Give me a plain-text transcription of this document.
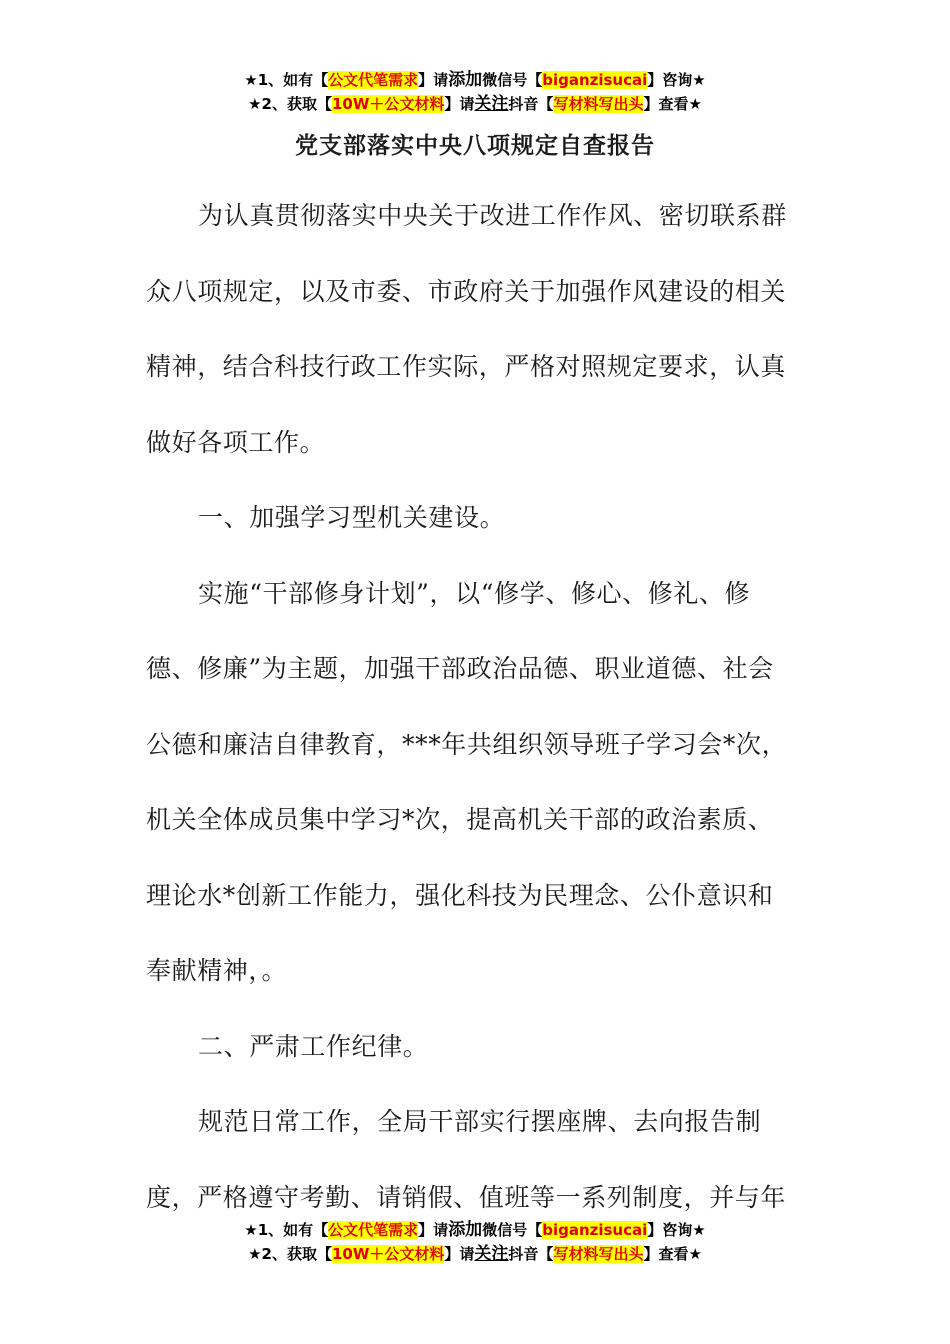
★1、如有【公文代笔需求】请添加微信号【biganzisucai】咨询★
★2、获取【10W＋公文材料】请关注抖音【写材料写出头】查看★
党支部落实中央八项规定自查报告
为认真贯彻落实中央关于改进工作作风、密切联系群
众八项规定，以及市委、市政府关于加强作风建设的相关
精神，结合科技行政工作实际，严格对照规定要求，认真
做好各项工作。
一、加强学习型机关建设。
实施“干部修身计划”，以“修学、修心、修礼、修
德、修廉”为主题，加强干部政治品德、职业道德、社会
公德和廉洁自律教育，***年共组织领导班子学习会*次，
机关全体成员集中学习*次，提高机关干部的政治素质、
理论水*创新工作能力，强化科技为民理念、公仆意识和
奉献精神，。
二、严肃工作纪律。
规范日常工作，全局干部实行摆座牌、去向报告制
度，严格遵守考勤、请销假、值班等一系列制度，并与年
★1、如有【公文代笔需求】请添加微信号【biganzisucai】咨询★
★2、获取【10W＋公文材料】请关注抖音【写材料写出头】查看★
